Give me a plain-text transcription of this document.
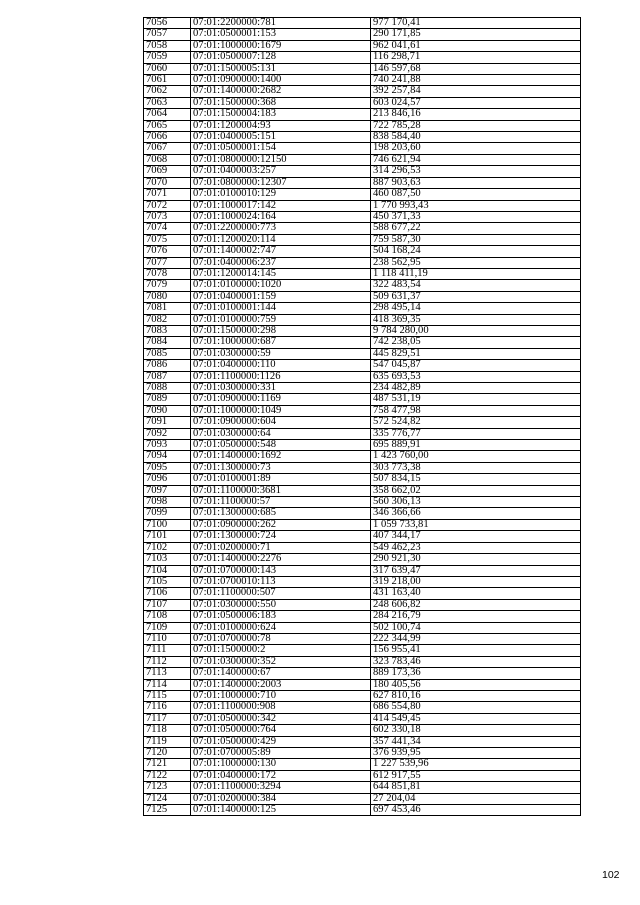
7056	07:01:2200000:781	977 170,41
7057	07:01:0500001:153	290 171,85
7058	07:01:1000000:1679	962 041,61
7059	07:01:0500007:128	116 298,71
7060	07:01:1500005:131	146 597,68
7061	07:01:0900000:1400	740 241,88
7062	07:01:1400000:2682	392 257,84
7063	07:01:1500000:368	603 024,57
7064	07:01:1500004:183	213 846,16
7065	07:01:1200004:93	722 785,28
7066	07:01:0400005:151	838 584,40
7067	07:01:0500001:154	198 203,60
7068	07:01:0800000:12150	746 621,94
7069	07:01:0400003:257	314 296,53
7070	07:01:0800000:12307	887 903,63
7071	07:01:0100010:129	460 087,50
7072	07:01:1000017:142	1 770 993,43
7073	07:01:1000024:164	450 371,33
7074	07:01:2200000:773	588 677,22
7075	07:01:1200020:114	759 587,30
7076	07:01:1400002:747	504 168,24
7077	07:01:0400006:237	238 562,95
7078	07:01:1200014:145	1 118 411,19
7079	07:01:0100000:1020	322 483,54
7080	07:01:0400001:159	509 631,37
7081	07:01:0100001:144	298 495,14
7082	07:01:0100000:759	418 369,35
7083	07:01:1500000:298	9 784 280,00
7084	07:01:1000000:687	742 238,05
7085	07:01:0300000:59	445 829,51
7086	07:01:0400000:110	547 045,87
7087	07:01:1100000:1126	635 693,53
7088	07:01:0300000:331	234 482,89
7089	07:01:0900000:1169	487 531,19
7090	07:01:1000000:1049	758 477,98
7091	07:01:0900000:604	572 524,82
7092	07:01:0300000:64	335 776,77
7093	07:01:0500000:548	695 889,91
7094	07:01:1400000:1692	1 423 760,00
7095	07:01:1300000:73	303 773,38
7096	07:01:0100001:89	507 834,15
7097	07:01:1100000:3681	358 662,02
7098	07:01:1100000:57	560 306,13
7099	07:01:1300000:685	346 366,66
7100	07:01:0900000:262	1 059 733,81
7101	07:01:1300000:724	407 344,17
7102	07:01:0200000:71	549 462,23
7103	07:01:1400000:2276	290 921,30
7104	07:01:0700000:143	317 639,47
7105	07:01:0700010:113	319 218,00
7106	07:01:1100000:507	431 163,40
7107	07:01:0300000:550	248 606,82
7108	07:01:0500006:183	284 216,79
7109	07:01:0100000:624	502 100,74
7110	07:01:0700000:78	222 344,99
7111	07:01:1500000:2	156 955,41
7112	07:01:0300000:352	323 783,46
7113	07:01:1400000:67	889 173,36
7114	07:01:1400000:2003	180 405,56
7115	07:01:1000000:710	627 810,16
7116	07:01:1100000:908	686 554,80
7117	07:01:0500000:342	414 549,45
7118	07:01:0500000:764	602 330,18
7119	07:01:0500000:429	357 441,34
7120	07:01:0700005:89	376 939,95
7121	07:01:1000000:130	1 227 539,96
7122	07:01:0400000:172	612 917,55
7123	07:01:1100000:3294	644 851,81
7124	07:01:0200000:384	27 204,04
7125	07:01:1400000:125	697 453,46
102
